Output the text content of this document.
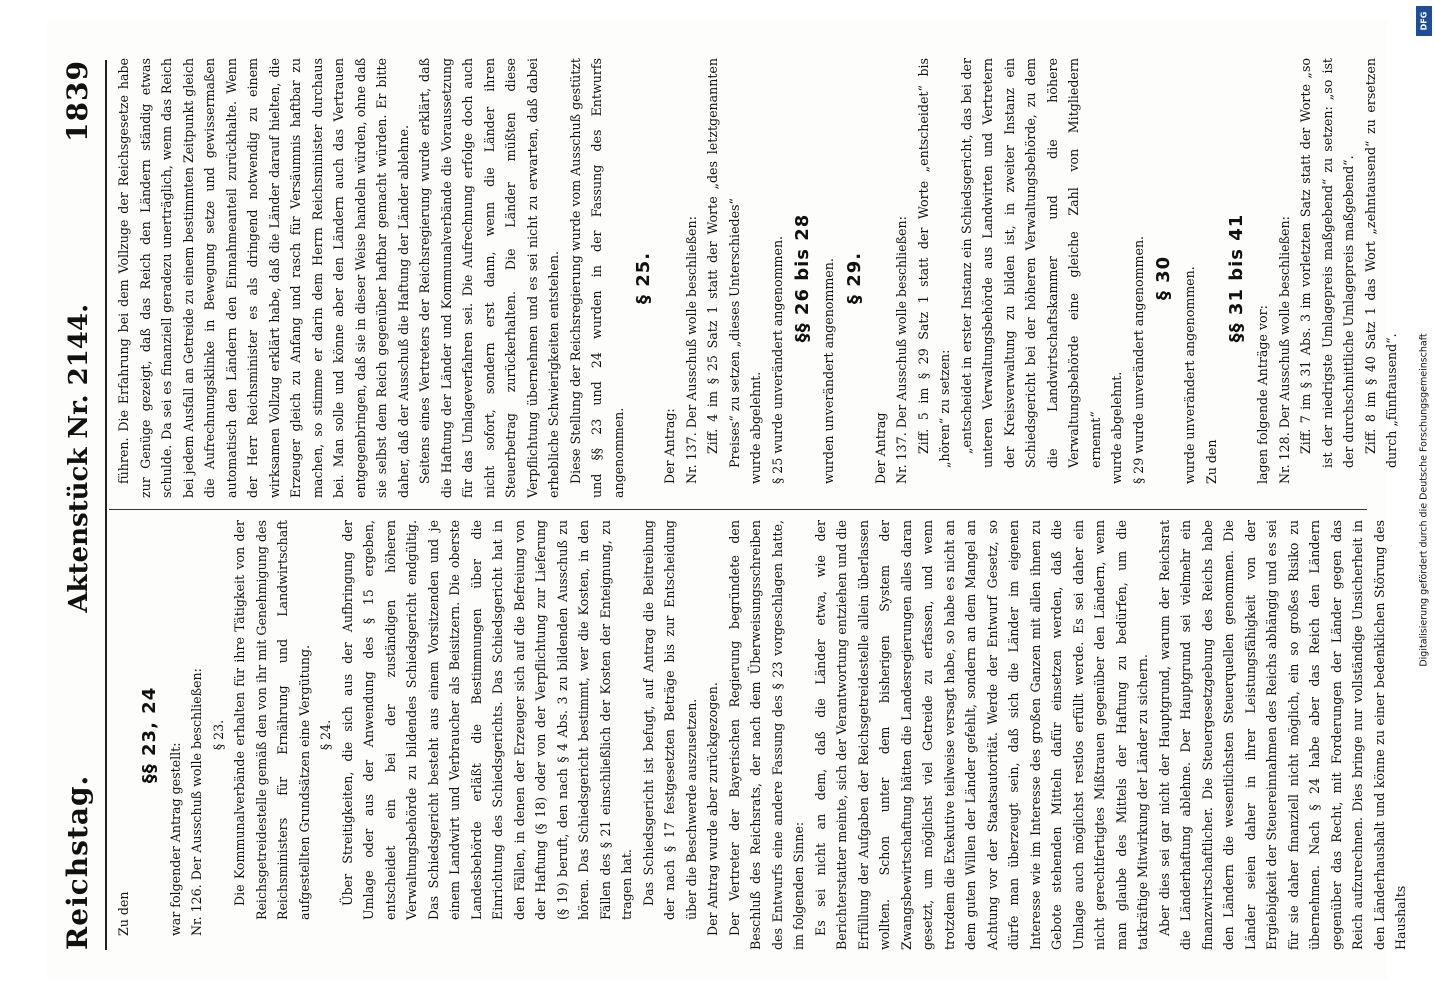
Reichstag.
Aktenstück Nr. 2144.
1839

Zu den

§§ 23, 24

war folgender Antrag gestellt: Nr. 126. Der Ausschuß wolle beschließen: § 23. Die Kommunalverbände erhalten für ihre Tätigkeit von der Reichsgetreidestelle gemäß den von ihr mit Genehmigung des Reichsministers für Ernährung und Landwirtschaft aufgestellten Grundsätzen eine Vergütung. § 24. Über Streitigkeiten, die sich aus der Aufbringung der Umlage oder aus der Anwendung des § 15 ergeben, entscheidet ein bei der zuständigen höheren Verwaltungsbehörde zu bildendes Schiedsgericht endgültig. Das Schiedsgericht besteht aus einem Vorsitzenden und je einem Landwirt und Verbraucher als Beisitzern. Die oberste Landesbehörde erläßt die Bestimmungen über die Einrichtung des Schiedsgerichts. Das Schiedsgericht hat in den Fällen, in denen der Erzeuger sich auf die Befreiung von der Haftung (§ 18) oder von der Verpflichtung zur Lieferung (§ 19) beruft, den nach § 4 Abs. 3 zu bildenden Ausschuß zu hören. Das Schiedsgericht bestimmt, wer die Kosten, in den Fällen des § 21 einschließlich der Kosten der Enteignung, zu tragen hat. Das Schiedsgericht ist befugt, auf Antrag die Beitreibung der nach § 17 festgesetzten Beträge bis zur Entscheidung über die Beschwerde auszusetzen. Der Antrag wurde aber zurückgezogen. Der Vertreter der Bayerischen Regierung begründete den Beschluß des Reichsrats, der nach dem Überweisungsschreiben des Entwurfs eine andere Fassung des § 23 vorgeschlagen hatte, im folgenden Sinne: Es sei nicht an dem, daß die Länder etwa, wie der Berichterstatter meinte, sich der Verantwortung entziehen und die Erfüllung der Aufgaben der Reichsgetreidestelle allein überlassen wollten. Schon unter dem bisherigen System der Zwangsbewirtschaftung hätten die Landesregierungen alles daran gesetzt, um möglichst viel Getreide zu erfassen, und wenn trotzdem die Exekutive teilweise versagt habe, so habe es nicht an dem guten Willen der Länder gefehlt, sondern an dem Mangel an Achtung vor der Staatsautorität. Werde der Entwurf Gesetz, so dürfe man überzeugt sein, daß sich die Länder im eigenen Interesse wie im Interesse des großen Ganzen mit allen ihnen zu Gebote stehenden Mitteln dafür einsetzen werden, daß die Umlage auch möglichst restlos erfüllt werde. Es sei daher ein nicht gerechtfertigtes Mißtrauen gegenüber den Ländern, wenn man glaube des Mittels der Haftung zu bedürfen, um die tatkräftige Mitwirkung der Länder zu sichern. Aber dies sei gar nicht der Hauptgrund, warum der Reichsrat die Länderhaftung ablehne. Der Hauptgrund sei vielmehr ein finanzwirtschaftlicher. Die Steuergesetzgebung des Reichs habe den Ländern die wesentlichsten Steuerquellen genommen. Die Länder seien daher in ihrer Leistungsfähigkeit von der Ergiebigkeit der Steuereinnahmen des Reichs abhängig und es sei für sie daher finanziell nicht möglich, ein so großes Risiko zu übernehmen. Nach § 24 habe aber das Reich den Ländern gegenüber das Recht, mit Forderungen der Länder gegen das Reich aufzurechnen. Dies bringe nur vollständige Unsicherheit in den Länderhaushalt und könne zu einer bedenklichen Störung des Haushalts

führen. Die Erfahrung bei dem Vollzuge der Reichsgesetze habe zur Genüge gezeigt, daß das Reich den Ländern ständig etwas schulde. Da sei es finanziell geradezu unerträglich, wenn das Reich bei jedem Ausfall an Getreide zu einem bestimmten Zeitpunkt gleich die Aufrechnungsklinke in Bewegung setze und gewissermaßen automatisch den Ländern den Einnahmeanteil zurückhalte. Wenn der Herr Reichsminister es als dringend notwendig zu einem wirksamen Vollzug erklärt habe, daß die Länder darauf hielten, die Erzeuger gleich zu Anfang und rasch für Versäumnis haftbar zu machen, so stimme er darin dem Herrn Reichsminister durchaus bei. Man solle und könne aber den Ländern auch das Vertrauen entgegenbringen, daß sie in dieser Weise handeln würden, ohne daß sie selbst dem Reich gegenüber haftbar gemacht würden. Er bitte daher, daß der Ausschuß die Haftung der Länder ablehne. Seitens eines Vertreters der Reichsregierung wurde erklärt, daß die Haftung der Länder und Kommunalverbände die Voraussetzung für das Umlageverfahren sei. Die Aufrechnung erfolge doch auch nicht sofort, sondern erst dann, wenn die Länder ihren Steuerbetrag zurückerhalten. Die Länder müßten diese Verpflichtung übernehmen und es sei nicht zu erwarten, daß dabei erhebliche Schwierigkeiten entstehen. Diese Stellung der Reichsregierung wurde vom Ausschuß gestützt und §§ 23 und 24 wurden in der Fassung des Entwurfs angenommen.

§ 25.

Der Antrag: Nr. 137. Der Ausschuß wolle beschließen: Ziff. 4 im § 25 Satz 1 statt der Worte „des letztgenannten Preises“ zu setzen „dieses Unterschiedes“ wurde abgelehnt. § 25 wurde unverändert angenommen. §§ 26 bis 28 wurden unverändert angenommen. § 29.

Der Antrag Nr. 137. Der Ausschuß wolle beschließen: Ziff. 5 im § 29 Satz 1 statt der Worte „entscheidet“ bis „hören“ zu setzen: „entscheidet in erster Instanz ein Schiedsgericht, das bei der unteren Verwaltungsbehörde aus Landwirten und Vertretern der Kreisverwaltung zu bilden ist, in zweiter Instanz ein Schiedsgericht bei der höheren Verwaltungsbehörde, zu dem die Landwirtschaftskammer und die höhere Verwaltungsbehörde eine gleiche Zahl von Mitgliedern ernennt“ wurde abgelehnt. § 29 wurde unverändert angenommen. § 30 wurde unverändert angenommen. Zu den

§§ 31 bis 41

lagen folgende Anträge vor: Nr. 128. Der Ausschuß wolle beschließen: Ziff. 7 im § 31 Abs. 3 im vorletzten Satz statt der Worte „so ist der niedrigste Umlagepreis maßgebend“ zu setzen: „so ist der durchschnittliche Umlagepreis maßgebend“. Ziff. 8 im § 40 Satz 1 das Wort „zehntausend“ zu ersetzen durch „fünftausend“.

DFG
Digitalisierung gefördert durch die Deutsche Forschungsgemeinschaft
